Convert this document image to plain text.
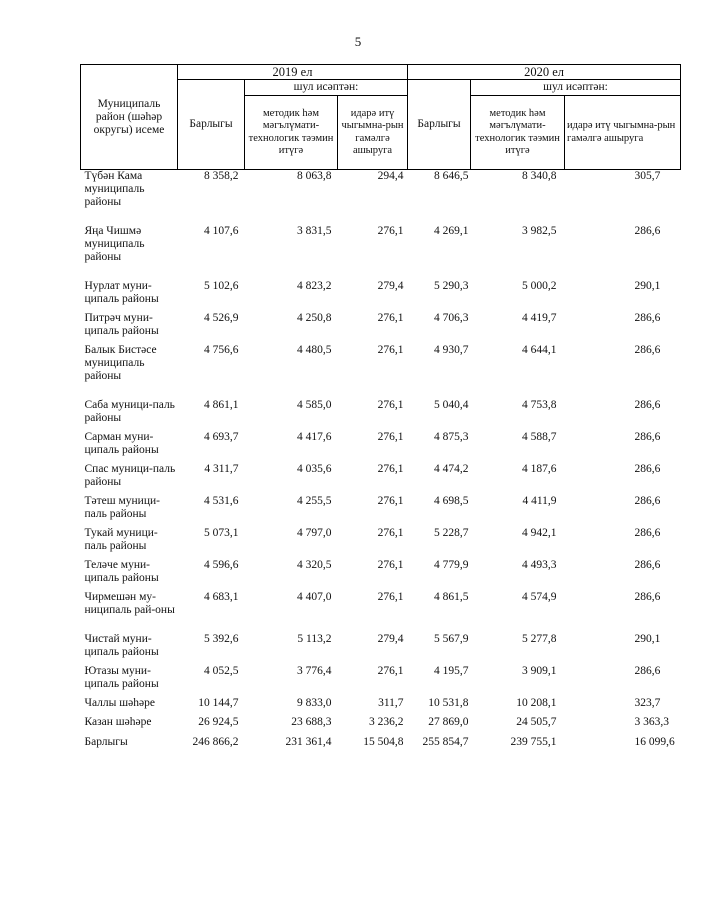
5
Муниципаль район (шәһәр округы) исеме	2019 ел			2020 ел		
	Барлыгы	шул исәптән:		Барлыгы	шул исәптән:	
		методик һәм мәгълүмати-технологик тәэмин итүгә	идарә итү чыгымна-рын гамәлгә ашыруга		методик һәм мәгълүмати-технологик тәэмин итүгә	идарә итү чыгымна-рын гамәлгә ашыруга
Түбән Кама муниципаль районы	8 358,2	8 063,8	294,4	8 646,5	8 340,8	305,7
Яңа Чишмә муниципаль районы	4 107,6	3 831,5	276,1	4 269,1	3 982,5	286,6
Нурлат муни-ципаль районы	5 102,6	4 823,2	279,4	5 290,3	5 000,2	290,1
Питрәч муни-ципаль районы	4 526,9	4 250,8	276,1	4 706,3	4 419,7	286,6
Балык Бистәсе муниципаль районы	4 756,6	4 480,5	276,1	4 930,7	4 644,1	286,6
Саба муници-паль районы	4 861,1	4 585,0	276,1	5 040,4	4 753,8	286,6
Сарман муни-ципаль районы	4 693,7	4 417,6	276,1	4 875,3	4 588,7	286,6
Спас муници-паль районы	4 311,7	4 035,6	276,1	4 474,2	4 187,6	286,6
Тәтеш муници-паль районы	4 531,6	4 255,5	276,1	4 698,5	4 411,9	286,6
Тукай муници-паль районы	5 073,1	4 797,0	276,1	5 228,7	4 942,1	286,6
Теләче муни-ципаль районы	4 596,6	4 320,5	276,1	4 779,9	4 493,3	286,6
Чирмешән му-ниципаль рай-оны	4 683,1	4 407,0	276,1	4 861,5	4 574,9	286,6
Чистай муни-ципаль районы	5 392,6	5 113,2	279,4	5 567,9	5 277,8	290,1
Ютазы муни-ципаль районы	4 052,5	3 776,4	276,1	4 195,7	3 909,1	286,6
Чаллы шәһәре	10 144,7	9 833,0	311,7	10 531,8	10 208,1	323,7
Казан шәһәре	26 924,5	23 688,3	3 236,2	27 869,0	24 505,7	3 363,3
Барлыгы	246 866,2	231 361,4	15 504,8	255 854,7	239 755,1	16 099,6
